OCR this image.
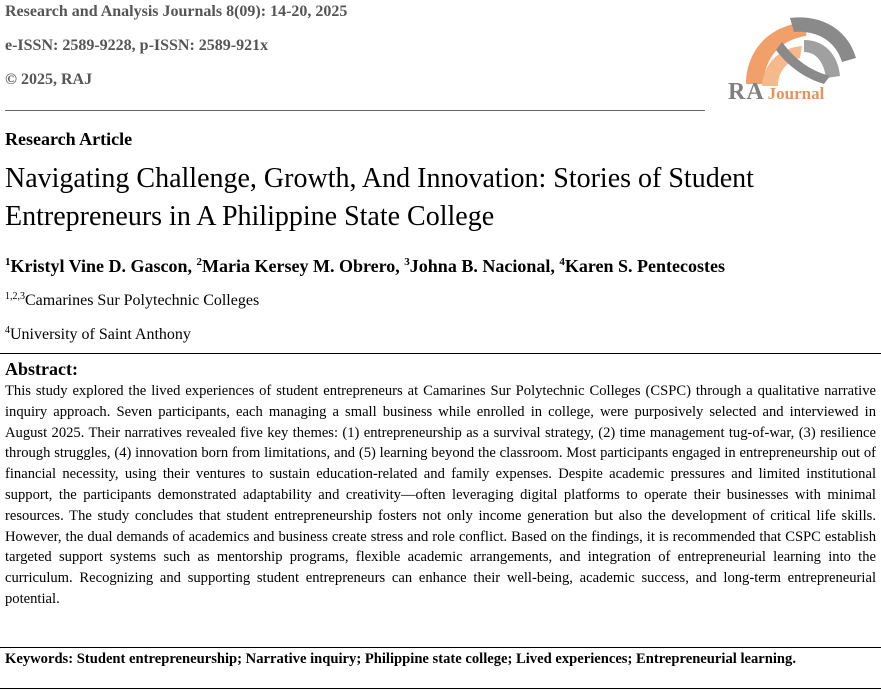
Research and Analysis Journals 8(09): 14-20, 2025
e-ISSN: 2589-9228, p-ISSN: 2589-921x
© 2025, RAJ	RA Journal
Research Article
Navigating Challenge, Growth, And Innovation: Stories of Student Entrepreneurs in A Philippine State College
$^1$Kristyl Vine D. Gascon, $^2$Maria Kersey M. Obrero, $^3$Johna B. Nacional, $^4$Karen S. Pentecostes
$^{1,2,3}$Camarines Sur Polytechnic Colleges
$^4$University of Saint Anthony
Abstract:

This study explored the lived experiences of student entrepreneurs at Camarines Sur Polytechnic Colleges (CSPC) through a qualitative narrative inquiry approach. Seven participants, each managing a small business while enrolled in college, were purposively selected and interviewed in August 2025. Their narratives revealed five key themes: (1) entrepreneurship as a survival strategy, (2) time management tug-of-war, (3) resilience through struggles, (4) innovation born from limitations, and (5) learning beyond the classroom. Most participants engaged in entrepreneurship out of financial necessity, using their ventures to sustain education-related and family expenses. Despite academic pressures and limited institutional support, the participants demonstrated adaptability and creativity—often leveraging digital platforms to operate their businesses with minimal resources. The study concludes that student entrepreneurship fosters not only income generation but also the development of critical life skills. However, the dual demands of academics and business create stress and role conflict. Based on the findings, it is recommended that CSPC establish targeted support systems such as mentorship programs, flexible academic arrangements, and integration of entrepreneurial learning into the curriculum. Recognizing and supporting student entrepreneurs can enhance their well-being, academic success, and long-term entrepreneurial potential.

Keywords: Student entrepreneurship; Narrative inquiry; Philippine state college; Lived experiences; Entrepreneurial learning.
